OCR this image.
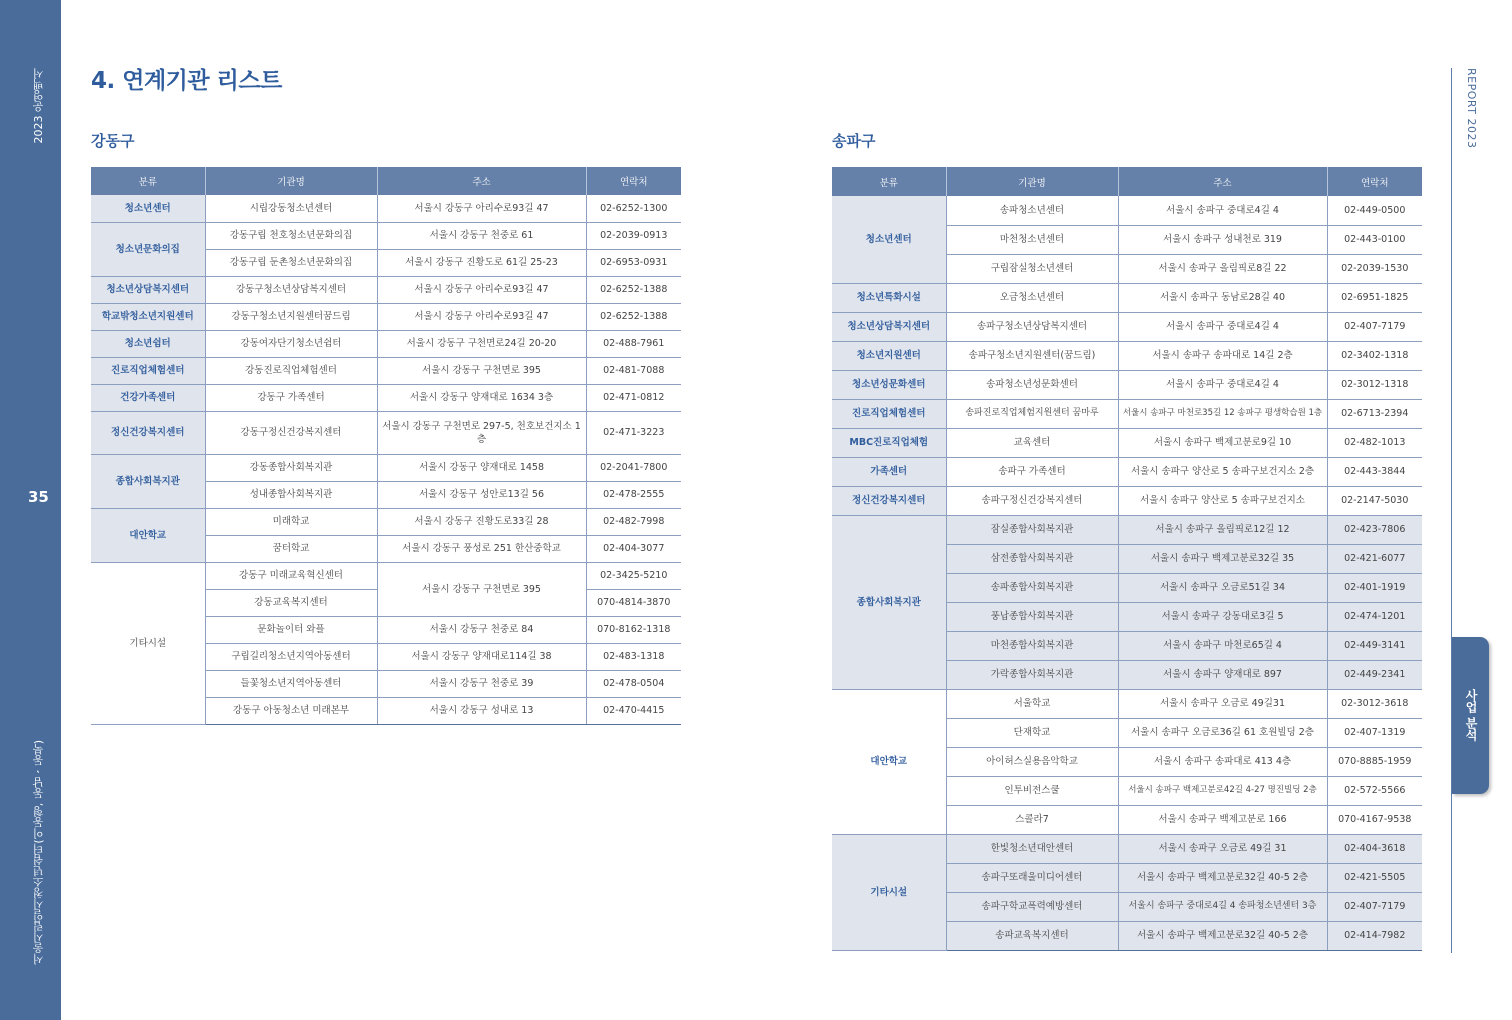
2023 운영백서
35
서울시립일시청소년쉼터(이동형, 동남ㆍ동북)
4. 연계기관 리스트
강동구	송파구
분류	기관명	주소	연락처
청소년센터	시립강동청소년센터	서울시 강동구 아리수로93길 47	02-6252-1300
청소년문화의집	강동구립 천호청소년문화의집	서울시 강동구 천중로 61	02-2039-0913
	강동구립 둔촌청소년문화의집	서울시 강동구 진황도로 61길 25-23	02-6953-0931
청소년상담복지센터	강동구청소년상담복지센터	서울시 강동구 아리수로93길 47	02-6252-1388
학교밖청소년지원센터	강동구청소년지원센터꿈드림	서울시 강동구 아리수로93길 47	02-6252-1388
청소년쉼터	강동여자단기청소년쉼터	서울시 강동구 구천면로24길 20-20	02-488-7961
진로직업체험센터	강동진로직업체험센터	서울시 강동구 구천면로 395	02-481-7088
건강가족센터	강동구 가족센터	서울시 강동구 양재대로 1634 3층	02-471-0812
정신건강복지센터	강동구정신건강복지센터	서울시 강동구 구천면로 297-5, 천호보건지소 1층	02-471-3223
종합사회복지관	강동종합사회복지관	서울시 강동구 양재대로 1458	02-2041-7800
	성내종합사회복지관	서울시 강동구 성안로13길 56	02-478-2555
대안학교	미래학교	서울시 강동구 진황도로33길 28	02-482-7998
	꿈터학교	서울시 강동구 풍성로 251 한산중학교	02-404-3077
기타시설	강동구 미래교육혁신센터	서울시 강동구 구천면로 395	02-3425-5210
	강동교육복지센터		070-4814-3870
	문화놀이터 와플	서울시 강동구 천중로 84	070-8162-1318
	구립길리청소년지역아동센터	서울시 강동구 양재대로114길 38	02-483-1318
	들꽃청소년지역아동센터	서울시 강동구 천중로 39	02-478-0504
	강동구 아동청소년 미래본부	서울시 강동구 성내로 13	02-470-4415
분류	기관명	주소	연락처
청소년센터	송파청소년센터	서울시 송파구 중대로4길 4	02-449-0500
	마천청소년센터	서울시 송파구 성내천로 319	02-443-0100
	구립잠실청소년센터	서울시 송파구 올림픽로8길 22	02-2039-1530
청소년특화시설	오금청소년센터	서울시 송파구 동남로28길 40	02-6951-1825
청소년상담복지센터	송파구청소년상담복지센터	서울시 송파구 중대로4길 4	02-407-7179
청소년지원센터	송파구청소년지원센터(꿈드림)	서울시 송파구 송파대로 14길 2층	02-3402-1318
청소년성문화센터	송파청소년성문화센터	서울시 송파구 중대로4길 4	02-3012-1318
진로직업체험센터	송파진로직업체험지원센터 꿈마루	서울시 송파구 마천로35길 12 송파구 평생학습원 1층	02-6713-2394
MBC진로직업체험	교육센터	서울시 송파구 백제고분로9길 10	02-482-1013
가족센터	송파구 가족센터	서울시 송파구 양산로 5 송파구보건지소 2층	02-443-3844
정신건강복지센터	송파구정신건강복지센터	서울시 송파구 양산로 5 송파구보건지소	02-2147-5030
종합사회복지관	잠실종합사회복지관	서울시 송파구 올림픽로12길 12	02-423-7806
	삼전종합사회복지관	서울시 송파구 백제고분로32길 35	02-421-6077
	송파종합사회복지관	서울시 송파구 오금로51길 34	02-401-1919
	풍납종합사회복지관	서울시 송파구 강동대로3길 5	02-474-1201
	마천종합사회복지관	서울시 송파구 마천로65길 4	02-449-3141
	가락종합사회복지관	서울시 송파구 양재대로 897	02-449-2341
대안학교	서울학교	서울시 송파구 오금로 49길31	02-3012-3618
	단재학교	서울시 송파구 오금로36길 61 호원빌딩 2층	02-407-1319
	아이허스실용음악학교	서울시 송파구 송파대로 413 4층	070-8885-1959
	인투비전스쿨	서울시 송파구 백제고분로42길 4-27 명진빌딩 2층	02-572-5566
	스콜라7	서울시 송파구 백제고분로 166	070-4167-9538
기타시설	한빛청소년대안센터	서울시 송파구 오금로 49길 31	02-404-3618
	송파구또래울미디어센터	서울시 송파구 백제고분로32길 40-5 2층	02-421-5505
	송파구학교폭력예방센터	서울시 송파구 중대로4길 4 송파청소년센터 3층	02-407-7179
	송파교육복지센터	서울시 송파구 백제고분로32길 40-5 2층	02-414-7982
REPORT 2023
사업 분석
